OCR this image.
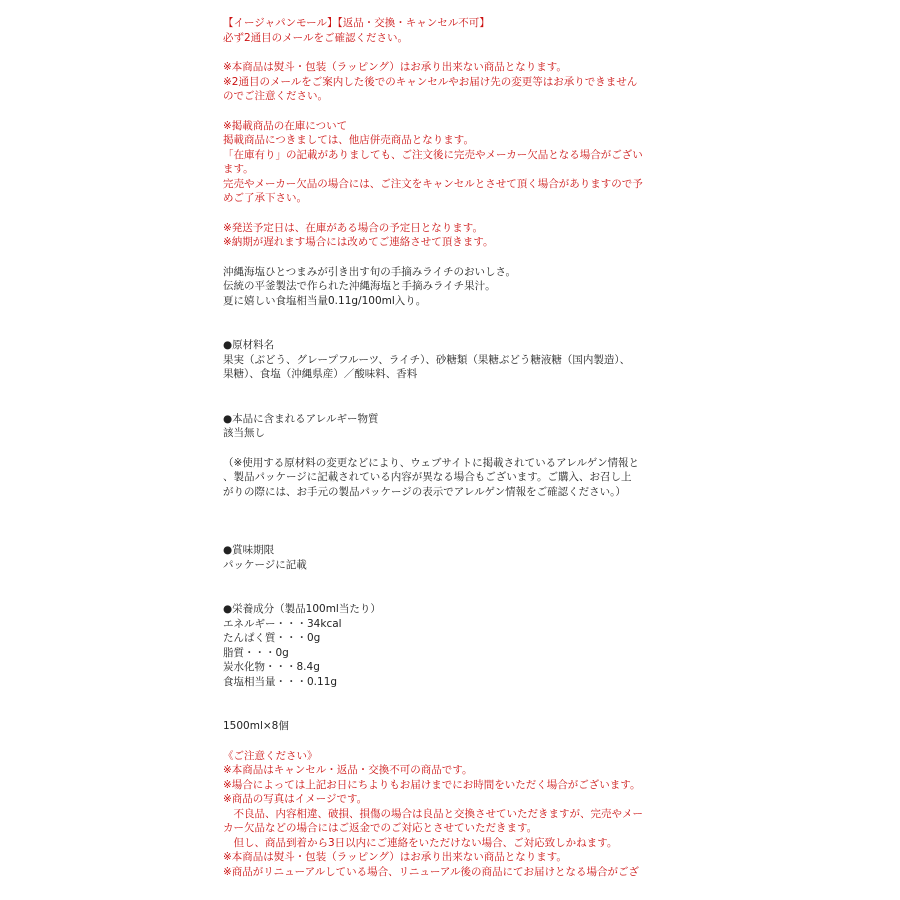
【イージャパンモール】【返品・交換・キャンセル不可】
必ず2通目のメールをご確認ください。
※本商品は熨斗・包装（ラッピング）はお承り出来ない商品となります。
※2通目のメールをご案内した後でのキャンセルやお届け先の変更等はお承りできません
のでご注意ください。
※掲載商品の在庫について
掲載商品につきましては、他店併売商品となります。
「在庫有り」の記載がありましても、ご注文後に完売やメーカー欠品となる場合がござい
ます。
完売やメーカー欠品の場合には、ご注文をキャンセルとさせて頂く場合がありますので予
めご了承下さい。
※発送予定日は、在庫がある場合の予定日となります。
※納期が遅れます場合には改めてご連絡させて頂きます。
沖縄海塩ひとつまみが引き出す旬の手摘みライチのおいしさ。
伝統の平釜製法で作られた沖縄海塩と手摘みライチ果汁。
夏に嬉しい食塩相当量0.11g/100ml入り。
●原材料名
果実（ぶどう、グレープフルーツ、ライチ）、砂糖類（果糖ぶどう糖液糖（国内製造）、
果糖）、食塩（沖縄県産）／酸味料、香料
●本品に含まれるアレルギー物質
該当無し
（※使用する原材料の変更などにより、ウェブサイトに掲載されているアレルゲン情報と
、製品パッケージに記載されている内容が異なる場合もございます。ご購入、お召し上
がりの際には、お手元の製品パッケージの表示でアレルゲン情報をご確認ください。）
●賞味期限
パッケージに記載
●栄養成分（製品100ml当たり）
エネルギー・・・34kcal
たんぱく質・・・0g
脂質・・・0g
炭水化物・・・8.4g
食塩相当量・・・0.11g
1500ml×8個
《ご注意ください》
※本商品はキャンセル・返品・交換不可の商品です。
※場合によっては上記お日にちよりもお届けまでにお時間をいただく場合がございます。
※商品の写真はイメージです。
　不良品、内容相違、破損、損傷の場合は良品と交換させていただきますが、完売やメー
カー欠品などの場合にはご返金でのご対応とさせていただきます。
　但し、商品到着から3日以内にご連絡をいただけない場合、ご対応致しかねます。
※本商品は熨斗・包装（ラッピング）はお承り出来ない商品となります。
※商品がリニューアルしている場合、リニューアル後の商品にてお届けとなる場合がござ
